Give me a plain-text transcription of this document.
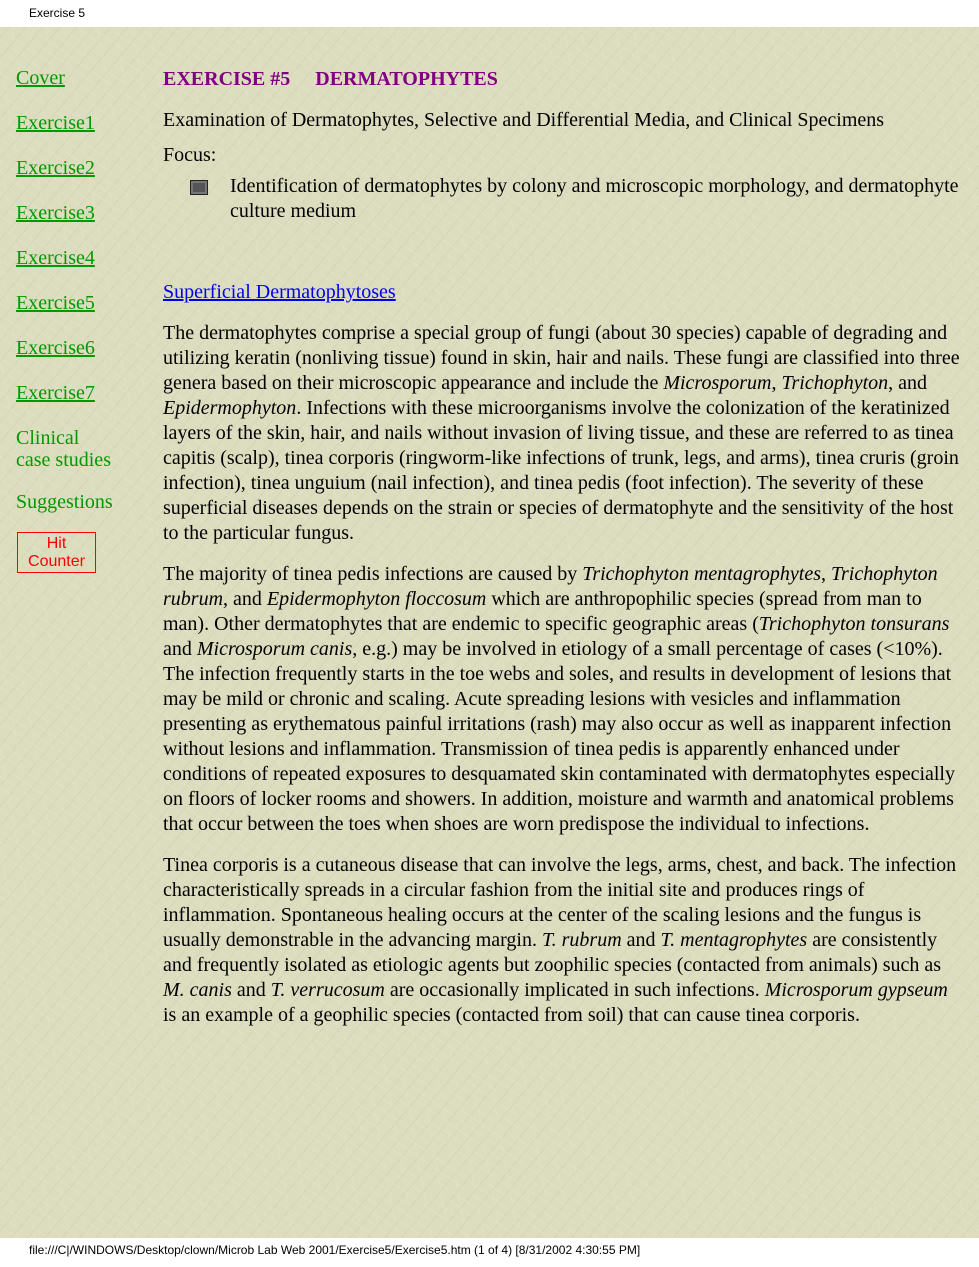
Exercise 5
Cover
Exercise1
Exercise2
Exercise3
Exercise4
Exercise5
Exercise6
Exercise7
Clinical
case studies
Suggestions
Hit
Counter
EXERCISE #5     DERMATOPHYTES
Examination of Dermatophytes, Selective and Differential Media, and Clinical Specimens
Focus:
Identification of dermatophytes by colony and microscopic morphology, and dermatophyte culture medium
Superficial Dermatophytoses

The dermatophytes comprise a special group of fungi (about 30 species) capable of degrading and utilizing keratin (nonliving tissue) found in skin, hair and nails. These fungi are classified into three genera based on their microscopic appearance and include the Microsporum, Trichophyton, and Epidermophyton. Infections with these microorganisms involve the colonization of the keratinized layers of the skin, hair, and nails without invasion of living tissue, and these are referred to as tinea capitis (scalp), tinea corporis (ringworm-like infections of trunk, legs, and arms), tinea cruris (groin infection), tinea unguium (nail infection), and tinea pedis (foot infection). The severity of these superficial diseases depends on the strain or species of dermatophyte and the sensitivity of the host to the particular fungus.

The majority of tinea pedis infections are caused by Trichophyton mentagrophytes, Trichophyton rubrum, and Epidermophyton floccosum which are anthropophilic species (spread from man to man). Other dermatophytes that are endemic to specific geographic areas (Trichophyton tonsurans and Microsporum canis, e.g.) may be involved in etiology of a small percentage of cases (<10%). The infection frequently starts in the toe webs and soles, and results in development of lesions that may be mild or chronic and scaling. Acute spreading lesions with vesicles and inflammation presenting as erythematous painful irritations (rash) may also occur as well as inapparent infection without lesions and inflammation. Transmission of tinea pedis is apparently enhanced under conditions of repeated exposures to desquamated skin contaminated with dermatophytes especially on floors of locker rooms and showers. In addition, moisture and warmth and anatomical problems that occur between the toes when shoes are worn predispose the individual to infections.

Tinea corporis is a cutaneous disease that can involve the legs, arms, chest, and back. The infection characteristically spreads in a circular fashion from the initial site and produces rings of inflammation. Spontaneous healing occurs at the center of the scaling lesions and the fungus is usually demonstrable in the advancing margin. T. rubrum and T. mentagrophytes are consistently and frequently isolated as etiologic agents but zoophilic species (contacted from animals) such as M. canis and T. verrucosum are occasionally implicated in such infections. Microsporum gypseum is an example of a geophilic species (contacted from soil) that can cause tinea corporis.

file:///C|/WINDOWS/Desktop/clown/Microb Lab Web 2001/Exercise5/Exercise5.htm (1 of 4) [8/31/2002 4:30:55 PM]
